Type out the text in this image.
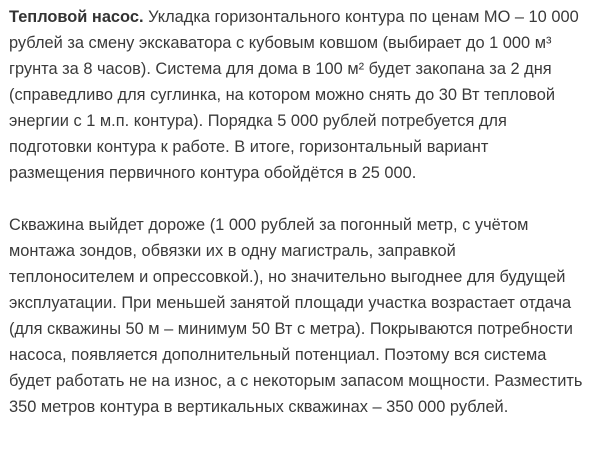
Тепловой насос. Укладка горизонтального контура по ценам МО – 10 000
рублей за смену экскаватора с кубовым ковшом (выбирает до 1 000 м³
грунта за 8 часов). Система для дома в 100 м² будет закопана за 2 дня
(справедливо для суглинка, на котором можно снять до 30 Вт тепловой
энергии с 1 м.п. контура). Порядка 5 000 рублей потребуется для
подготовки контура к работе. В итоге, горизонтальный вариант
размещения первичного контура обойдётся в 25 000.

Скважина выйдет дороже (1 000 рублей за погонный метр, с учётом
монтажа зондов, обвязки их в одну магистраль, заправкой
теплоносителем и опрессовкой.), но значительно выгоднее для будущей
эксплуатации. При меньшей занятой площади участка возрастает отдача
(для скважины 50 м – минимум 50 Вт с метра). Покрываются потребности
насоса, появляется дополнительный потенциал. Поэтому вся система
будет работать не на износ, а с некоторым запасом мощности. Разместить
350 метров контура в вертикальных скважинах – 350 000 рублей.
